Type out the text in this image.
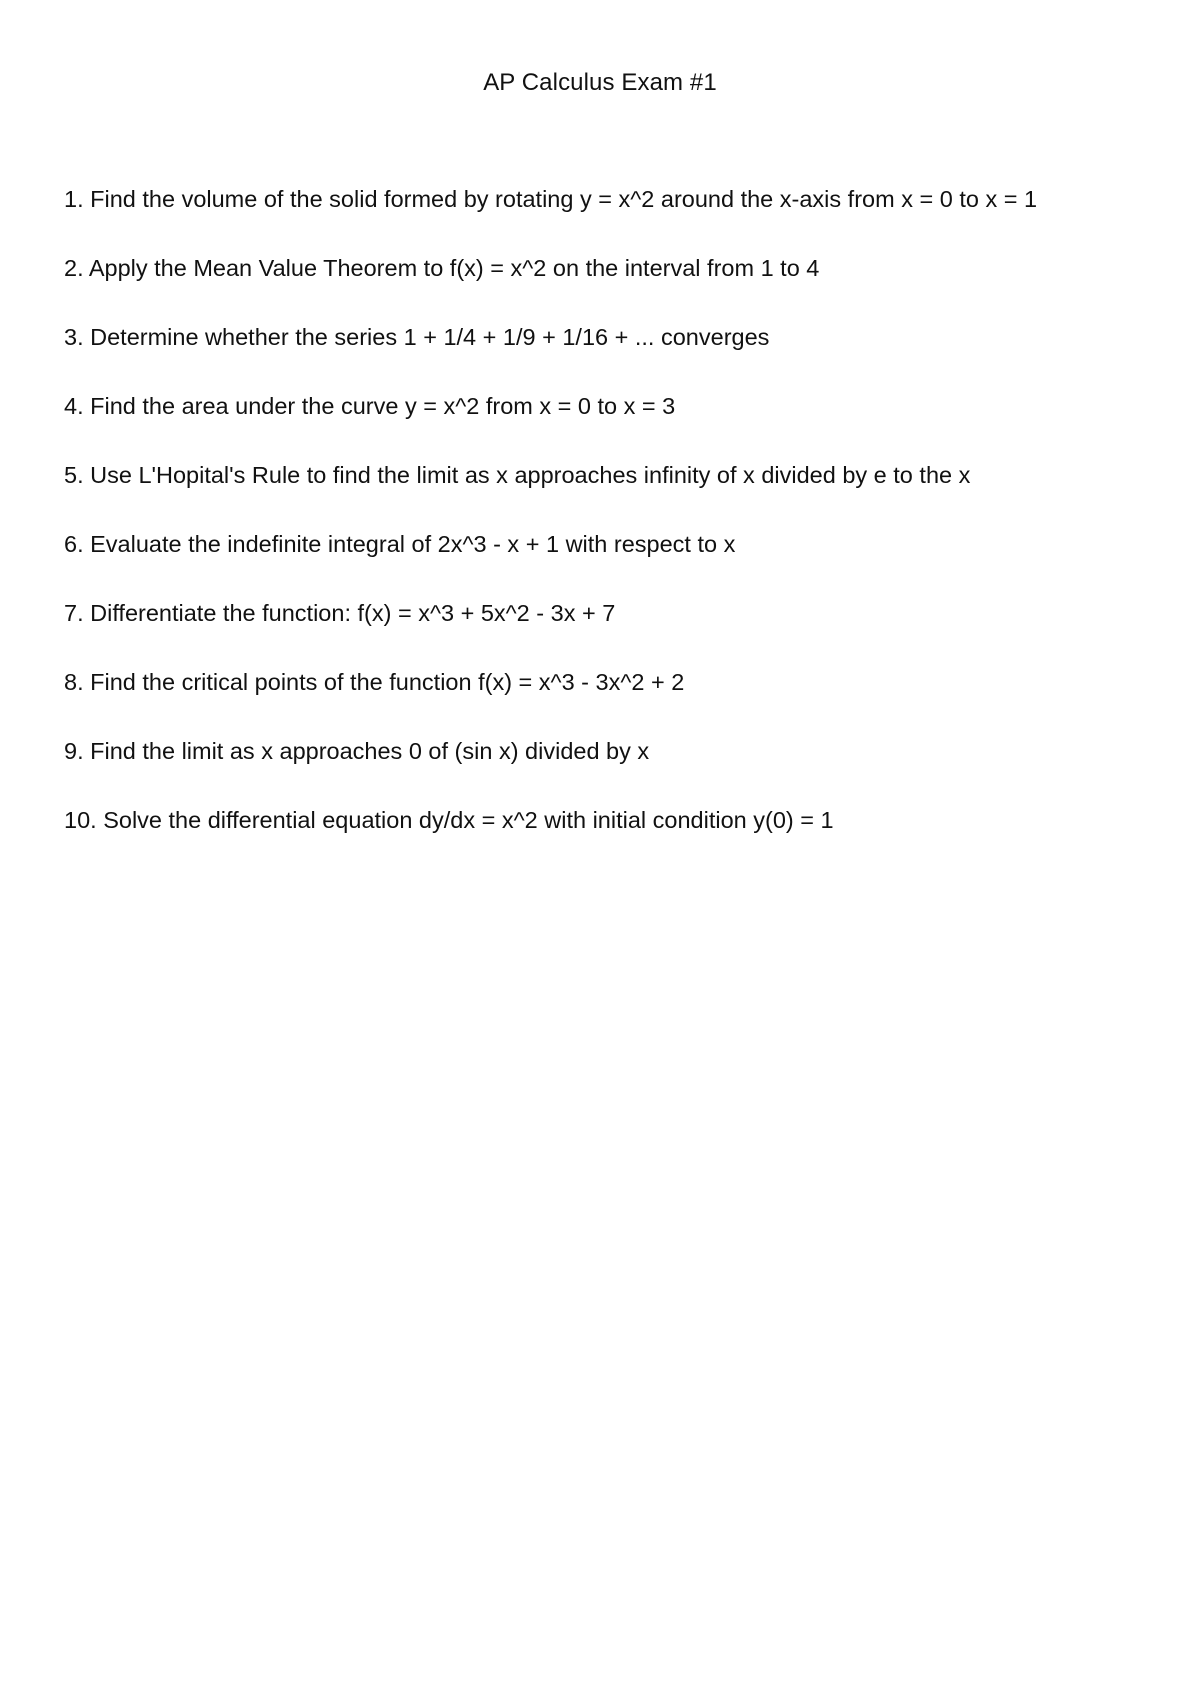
AP Calculus Exam #1
1. Find the volume of the solid formed by rotating y = x^2 around the x-axis from x = 0 to x = 1
2. Apply the Mean Value Theorem to f(x) = x^2 on the interval from 1 to 4
3. Determine whether the series 1 + 1/4 + 1/9 + 1/16 + ... converges
4. Find the area under the curve y = x^2 from x = 0 to x = 3
5. Use L'Hopital's Rule to find the limit as x approaches infinity of x divided by e to the x
6. Evaluate the indefinite integral of 2x^3 - x + 1 with respect to x
7. Differentiate the function: f(x) = x^3 + 5x^2 - 3x + 7
8. Find the critical points of the function f(x) = x^3 - 3x^2 + 2
9. Find the limit as x approaches 0 of (sin x) divided by x
10. Solve the differential equation dy/dx = x^2 with initial condition y(0) = 1
